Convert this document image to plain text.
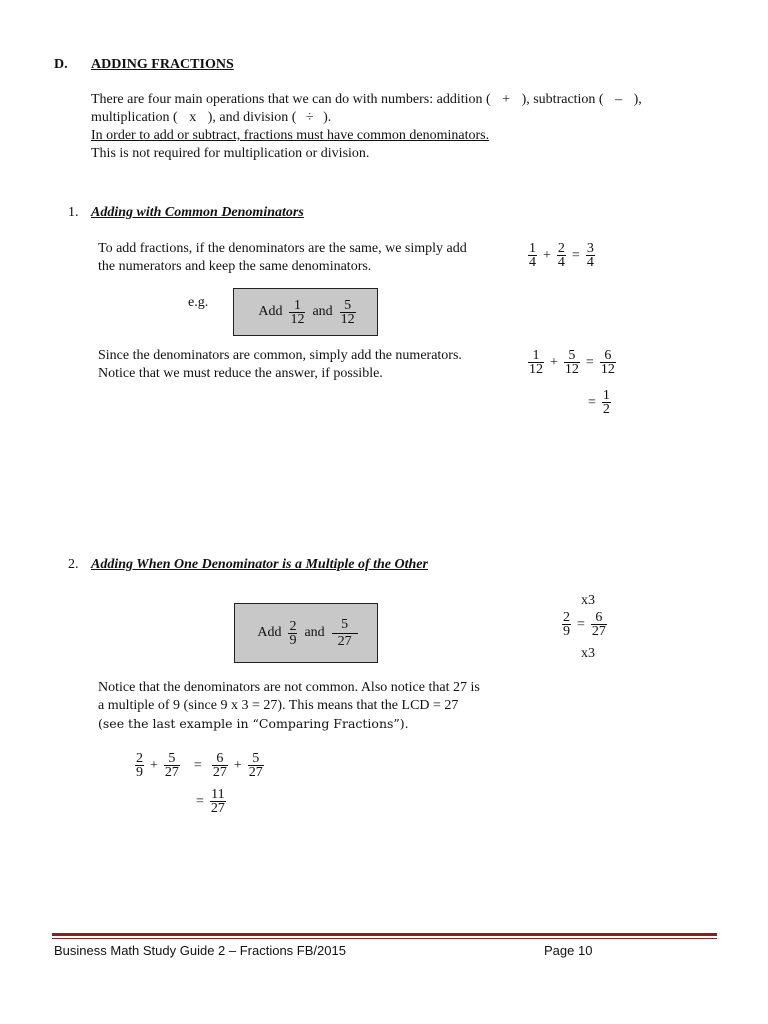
D. ADDING FRACTIONS
There are four main operations that we can do with numbers: addition ( + ), subtraction ( – ),
multiplication ( x ), and division ( ÷ ).
In order to add or subtract, fractions must have common denominators.
This is not required for multiplication or division.
1. Adding with Common Denominators
To add fractions, if the denominators are the same, we simply add
the numerators and keep the same denominators.	$\frac{1}{4} + \frac{2}{4} = \frac{3}{4}$
e.g.
Add $\frac{1}{12}$ and $\frac{5}{12}$
Since the denominators are common, simply add the numerators.
Notice that we must reduce the answer, if possible.	$\frac{1}{12} + \frac{5}{12} = \frac{6}{12}$
= $\frac{1}{2}$
2. Adding When One Denominator is a Multiple of the Other
Add $\frac{2}{9}$ and $\frac{5}{27}$
x3
$\frac{2}{9} = \frac{6}{27}$
x3
Notice that the denominators are not common. Also notice that 27 is
a multiple of 9 (since 9 x 3 = 27). This means that the LCD = 27
(see the last example in “Comparing Fractions”).
$\frac{2}{9} + \frac{5}{27} = \frac{6}{27} + \frac{5}{27}$
= $\frac{11}{27}$
Business Math Study Guide 2 – Fractions FB/2015	Page 10
